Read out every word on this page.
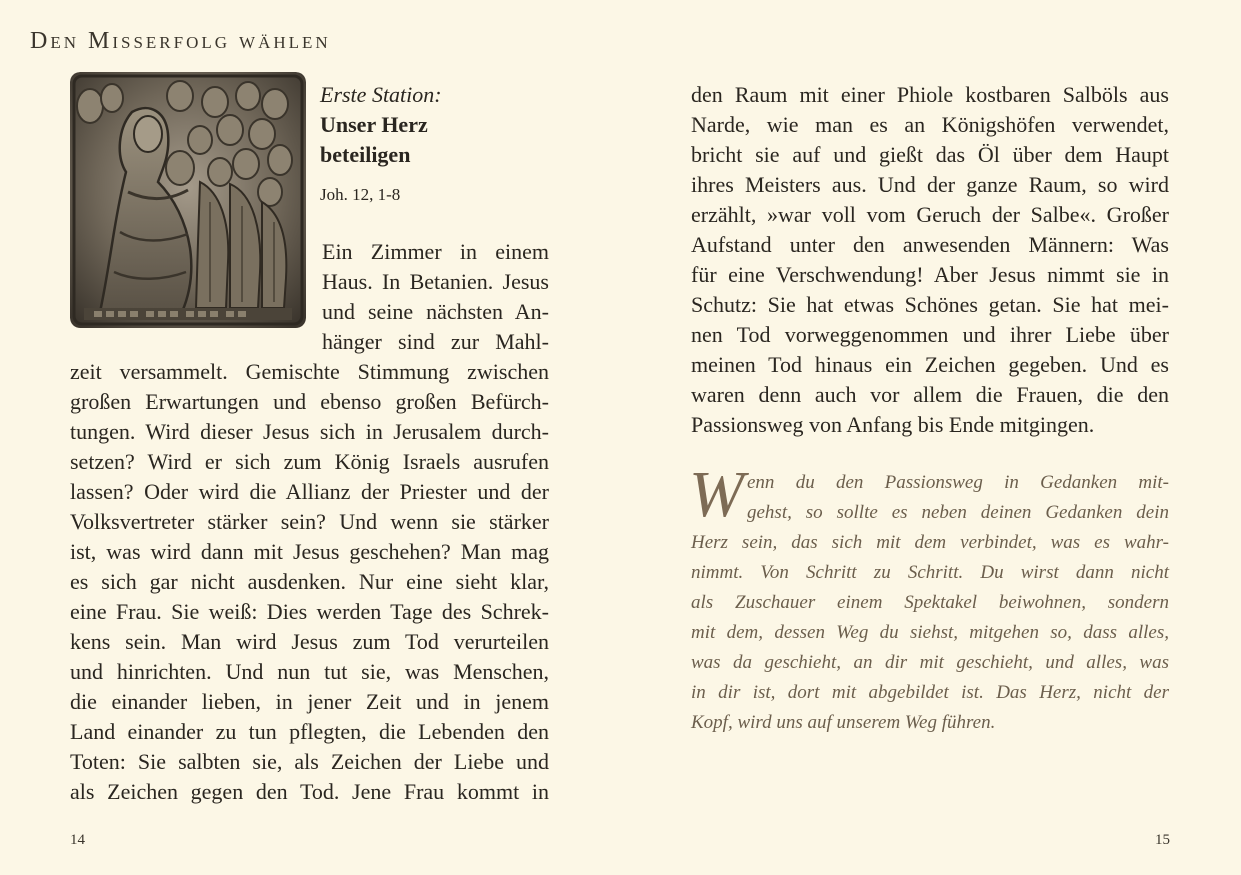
Den Misserfolg wählen
Erste Station:
Unser Herz
beteiligen
Joh. 12, 1-8
Ein Zimmer in einem
Haus. In Betanien. Jesus
und seine nächsten An-
hänger sind zur Mahl-
zeit versammelt. Gemischte Stimmung zwischen
großen Erwartungen und ebenso großen Befürch-
tungen. Wird dieser Jesus sich in Jerusalem durch-
setzen? Wird er sich zum König Israels ausrufen
lassen? Oder wird die Allianz der Priester und der
Volksvertreter stärker sein? Und wenn sie stärker
ist, was wird dann mit Jesus geschehen? Man mag
es sich gar nicht ausdenken. Nur eine sieht klar,
eine Frau. Sie weiß: Dies werden Tage des Schrek-
kens sein. Man wird Jesus zum Tod verurteilen
und hinrichten. Und nun tut sie, was Menschen,
die einander lieben, in jener Zeit und in jenem
Land einander zu tun pflegten, die Lebenden den
Toten: Sie salbten sie, als Zeichen der Liebe und
als Zeichen gegen den Tod. Jene Frau kommt in
14
den Raum mit einer Phiole kostbaren Salböls aus
Narde, wie man es an Königshöfen verwendet,
bricht sie auf und gießt das Öl über dem Haupt
ihres Meisters aus. Und der ganze Raum, so wird
erzählt, »war voll vom Geruch der Salbe«. Großer
Aufstand unter den anwesenden Männern: Was
für eine Verschwendung! Aber Jesus nimmt sie in
Schutz: Sie hat etwas Schönes getan. Sie hat mei-
nen Tod vorweggenommen und ihrer Liebe über
meinen Tod hinaus ein Zeichen gegeben. Und es
waren denn auch vor allem die Frauen, die den
Passionsweg von Anfang bis Ende mitgingen.
W enn du den Passionsweg in Gedanken mit-
gehst, so sollte es neben deinen Gedanken dein
Herz sein, das sich mit dem verbindet, was es wahr-
nimmt. Von Schritt zu Schritt. Du wirst dann nicht
als Zuschauer einem Spektakel beiwohnen, sondern
mit dem, dessen Weg du siehst, mitgehen so, dass alles,
was da geschieht, an dir mit geschieht, und alles, was
in dir ist, dort mit abgebildet ist. Das Herz, nicht der
Kopf, wird uns auf unserem Weg führen.
15
